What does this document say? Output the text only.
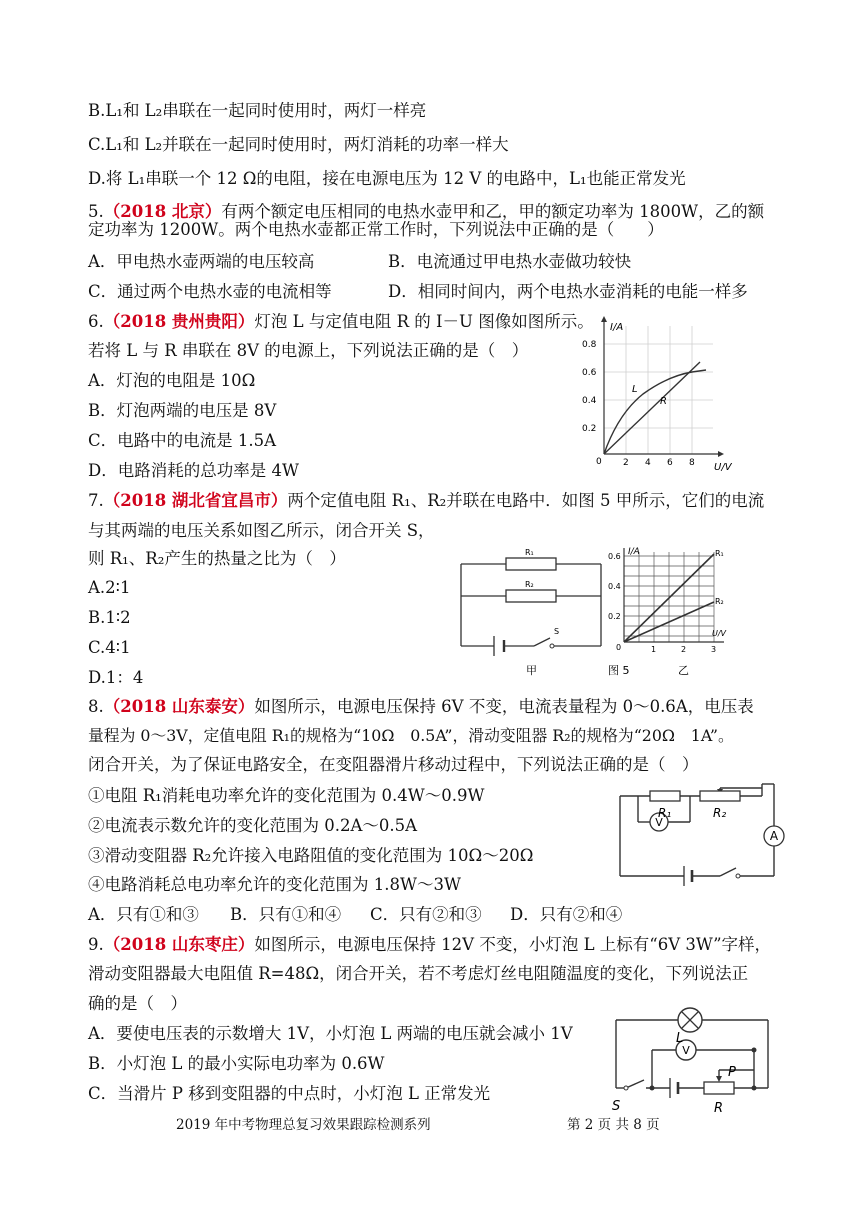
B.L₁和 L₂串联在一起同时使用时，两灯一样亮
C.L₁和 L₂并联在一起同时使用时，两灯消耗的功率一样大
D.将 L₁串联一个 12 Ω的电阻，接在电源电压为 12 V 的电路中，L₁也能正常发光
5.（2018 北京）有两个额定电压相同的电热水壶甲和乙，甲的额定功率为 1800W，乙的额
定功率为 1200W。两个电热水壶都正常工作时，下列说法中正确的是（　　）
A．甲电热水壶两端的电压较高	B．电流通过甲电热水壶做功较快
C．通过两个电热水壶的电流相等	D．相同时间内，两个电热水壶消耗的电能一样多
6.（2018 贵州贵阳）灯泡 L 与定值电阻 R 的 I－U 图像如图所示。
若将 L 与 R 串联在 8V 的电源上，下列说法正确的是（　）
A．灯泡的电阻是 10Ω
B．灯泡两端的电压是 8V
C．电路中的电流是 1.5A
D．电路消耗的总功率是 4W
I/A
U/V
0
0.2
0.4
0.6
0.8
2 4 6 8
L
R
7.（2018 湖北省宜昌市）两个定值电阻 R₁、R₂并联在电路中．如图 5 甲所示，它们的电流
与其两端的电压关系如图乙所示，闭合开关 S，
则 R₁、R₂产生的热量之比为（　）
A.2∶1
B.1∶2
C.4∶1
D.1：4
R₁
R₂
S
甲
I/A
U/V
0
0.2
0.4
0.6
1	2	3
R₁
R₂
图 5	乙
8.（2018 山东泰安）如图所示，电源电压保持 6V 不变，电流表量程为 0～0.6A，电压表
量程为 0～3V，定值电阻 R₁的规格为“10Ω　0.5A”，滑动变阻器 R₂的规格为“20Ω　1A”。
闭合开关，为了保证电路安全，在变阻器滑片移动过程中，下列说法正确的是（　）
①电阻 R₁消耗电功率允许的变化范围为 0.4W～0.9W
②电流表示数允许的变化范围为 0.2A～0.5A
③滑动变阻器 R₂允许接入电路阻值的变化范围为 10Ω～20Ω
④电路消耗总电功率允许的变化范围为 1.8W～3W
A．只有①和③ B．只有①和④ C．只有②和③ D．只有②和④
V
A
R₁	R₂
9.（2018 山东枣庄）如图所示，电源电压保持 12V 不变，小灯泡 L 上标有“6V 3W”字样，
滑动变阻器最大电阻值 R=48Ω，闭合开关，若不考虑灯丝电阻随温度的变化，下列说法正
确的是（　）
A．要使电压表的示数增大 1V，小灯泡 L 两端的电压就会减小 1V
B．小灯泡 L 的最小实际电功率为 0.6W
C．当滑片 P 移到变阻器的中点时，小灯泡 L 正常发光
V
L
P
S	R
2019 年中考物理总复习效果跟踪检测系列	第 2 页 共 8 页
